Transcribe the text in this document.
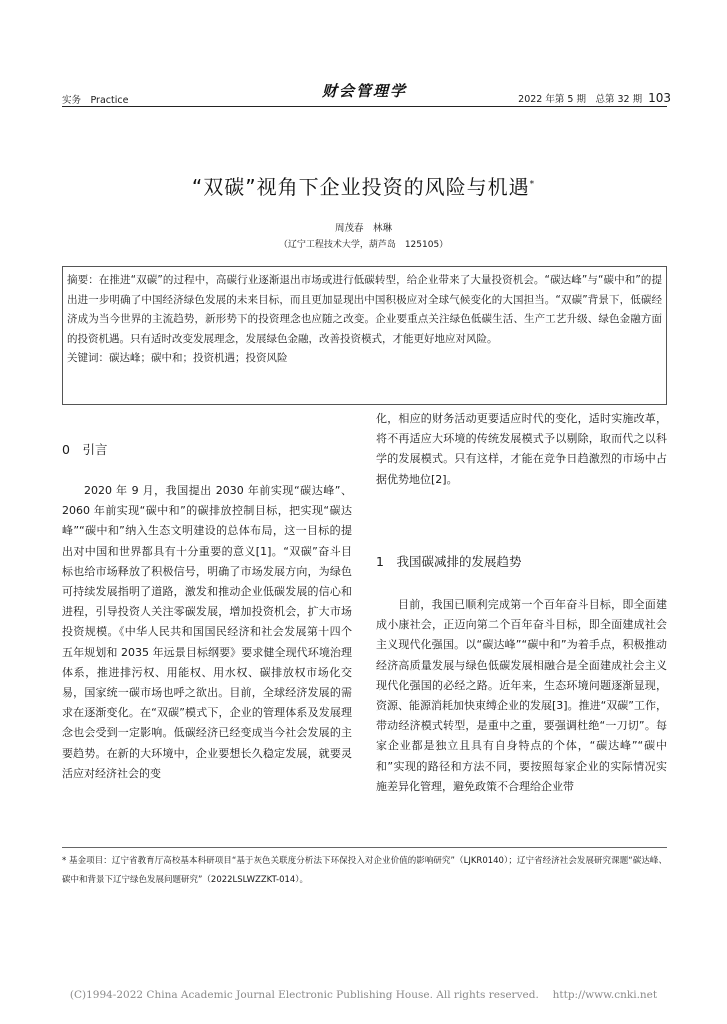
实务　Practice
财会管理学	2022 年第 5 期　总第 32 期 103
“双碳”视角下企业投资的风险与机遇*
周茂春　林琳
（辽宁工程技术大学，葫芦岛　125105）
摘要：在推进“双碳”的过程中，高碳行业逐渐退出市场或进行低碳转型，给企业带来了大量投资机会。“碳达峰”与“碳中和”的提出进一步明确了中国经济绿色发展的未来目标，而且更加显现出中国积极应对全球气候变化的大国担当。“双碳”背景下，低碳经济成为当今世界的主流趋势，新形势下的投资理念也应随之改变。企业要重点关注绿色低碳生活、生产工艺升级、绿色金融方面的投资机遇。只有适时改变发展理念，发展绿色金融，改善投资模式，才能更好地应对风险。
关键词：碳达峰；碳中和；投资机遇；投资风险
0　引言

2020 年 9 月，我国提出 2030 年前实现“碳达峰”、2060 年前实现“碳中和”的碳排放控制目标，把实现“碳达峰”“碳中和”纳入生态文明建设的总体布局，这一目标的提出对中国和世界都具有十分重要的意义[1]。“双碳”奋斗目标也给市场释放了积极信号，明确了市场发展方向，为绿色可持续发展指明了道路，激发和推动企业低碳发展的信心和进程，引导投资人关注零碳发展，增加投资机会，扩大市场投资规模。《中华人民共和国国民经济和社会发展第十四个五年规划和 2035 年远景目标纲要》要求健全现代环境治理体系，推进排污权、用能权、用水权、碳排放权市场化交易，国家统一碳市场也呼之欲出。目前，全球经济发展的需求在逐渐变化。在“双碳”模式下，企业的管理体系及发展理念也会受到一定影响。低碳经济已经变成当今社会发展的主要趋势。在新的大环境中，企业要想长久稳定发展，就要灵活应对经济社会的变

化，相应的财务活动更要适应时代的变化，适时实施改革，将不再适应大环境的传统发展模式予以剔除，取而代之以科学的发展模式。只有这样，才能在竞争日趋激烈的市场中占据优势地位[2]。

1　我国碳减排的发展趋势

目前，我国已顺利完成第一个百年奋斗目标，即全面建成小康社会，正迈向第二个百年奋斗目标，即全面建成社会主义现代化强国。以“碳达峰”“碳中和”为着手点，积极推动经济高质量发展与绿色低碳发展相融合是全面建成社会主义现代化强国的必经之路。近年来，生态环境问题逐渐显现，资源、能源消耗加快束缚企业的发展[3]。推进“双碳”工作，带动经济模式转型，是重中之重，要强调杜绝“一刀切”。每家企业都是独立且具有自身特点的个体，“碳达峰”“碳中和”实现的路径和方法不同，要按照每家企业的实际情况实施差异化管理，避免政策不合理给企业带

* 基金项目：辽宁省教育厅高校基本科研项目“基于灰色关联度分析法下环保投入对企业价值的影响研究”（LJKR0140）；辽宁省经济社会发展研究课题“碳达峰、碳中和背景下辽宁绿色发展问题研究”（2022LSLWZZKT-014）。
(C)1994-2022 China Academic Journal Electronic Publishing House. All rights reserved.　 http://www.cnki.net
